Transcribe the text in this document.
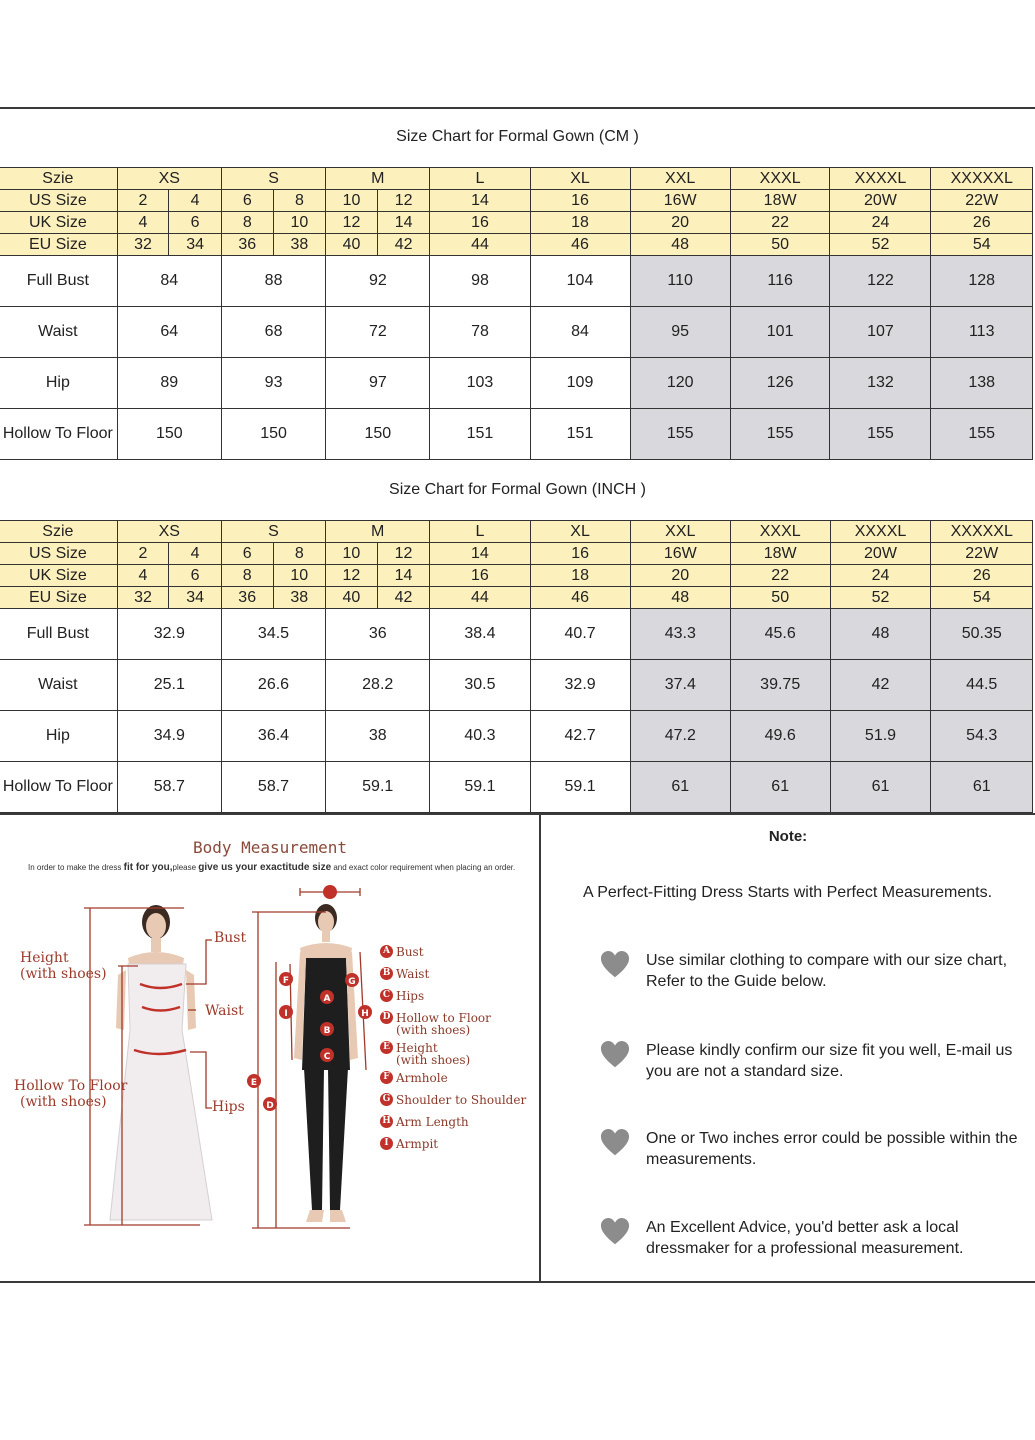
Size Chart for Formal Gown (CM )
Szie	XS		S		M		L	XL	XXL	XXXL	XXXXL	XXXXXL
US Size	2	4	6	8	10	12	14	16	16W	18W	20W	22W
UK Size	4	6	8	10	12	14	16	18	20	22	24	26
EU Size	32	34	36	38	40	42	44	46	48	50	52	54
Full Bust	84		88		92		98	104	110	116	122	128
Waist	64		68		72		78	84	95	101	107	113
Hip	89		93		97		103	109	120	126	132	138
Hollow To Floor	150		150		150		151	151	155	155	155	155
Size Chart for Formal Gown (INCH )
Szie	XS		S		M		L	XL	XXL	XXXL	XXXXL	XXXXXL
US Size	2	4	6	8	10	12	14	16	16W	18W	20W	22W
UK Size	4	6	8	10	12	14	16	18	20	22	24	26
EU Size	32	34	36	38	40	42	44	46	48	50	52	54
Full Bust	32.9		34.5		36		38.4	40.7	43.3	45.6	48	50.35
Waist	25.1		26.6		28.2		30.5	32.9	37.4	39.75	42	44.5
Hip	34.9		36.4		38		40.3	42.7	47.2	49.6	51.9	54.3
Hollow To Floor	58.7		58.7		59.1		59.1	59.1	61	61	61	61
Body Measurement
In order to make the dress fit for you,please give us your exactitude size and exact color requirement when placing an order.
A
B
C
D
E
F
I	H
G
Height
(with shoes)
Hollow To Floor
(with shoes)
Bust
Waist
Hips
A Bust
B Waist
C Hips
D Hollow to Floor
(with shoes)
E Height
(with shoes)
F Armhole
G Shoulder to Shoulder
H Arm Length
I Armpit
Note:
A Perfect-Fitting Dress Starts with Perfect Measurements.
Use similar clothing to compare with our size chart,
Refer to the Guide below.
Please kindly confirm our size fit you well, E-mail us
you are not a standard size.
One or Two inches error could be possible within the
measurements.
An Excellent Advice, you'd better ask a local
dressmaker for a professional measurement.
